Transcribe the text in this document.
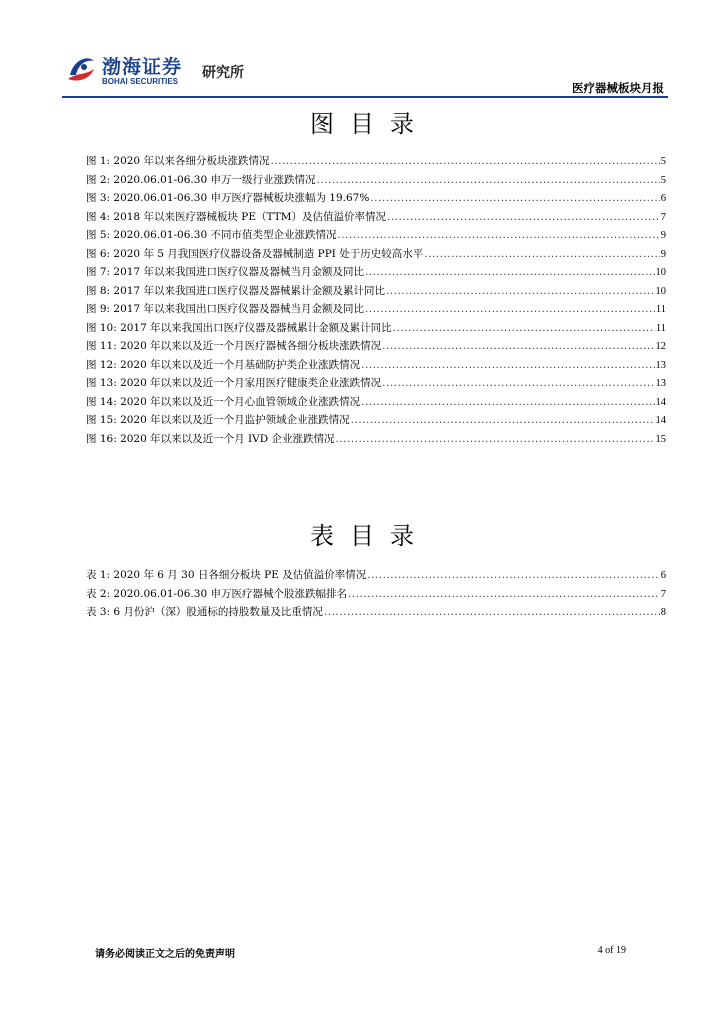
渤海证券
BOHAI SECURITIES
研究所
医疗器械板块月报
图目录
图 1: 2020 年以来各细分板块涨跌情况 .....	5
图 2: 2020.06.01-06.30 申万一级行业涨跌情况 .....	5
图 3: 2020.06.01-06.30 申万医疗器械板块涨幅为 19.67% .....	6
图 4: 2018 年以来医疗器械板块 PE（TTM）及估值溢价率情况 .....	7
图 5: 2020.06.01-06.30 不同市值类型企业涨跌情况 .....	9
图 6: 2020 年 5 月我国医疗仪器设备及器械制造 PPI 处于历史较高水平 .....	9
图 7: 2017 年以来我国进口医疗仪器及器械当月金额及同比 .....	10
图 8: 2017 年以来我国进口医疗仪器及器械累计金额及累计同比 .....	10
图 9: 2017 年以来我国出口医疗仪器及器械当月金额及同比 .....	11
图 10: 2017 年以来我国出口医疗仪器及器械累计金额及累计同比 .....	11
图 11: 2020 年以来以及近一个月医疗器械各细分板块涨跌情况 .....	12
图 12: 2020 年以来以及近一个月基础防护类企业涨跌情况 .....	13
图 13: 2020 年以来以及近一个月家用医疗健康类企业涨跌情况 .....	13
图 14: 2020 年以来以及近一个月心血管领域企业涨跌情况 .....	14
图 15: 2020 年以来以及近一个月监护领域企业涨跌情况 .....	14
图 16: 2020 年以来以及近一个月 IVD 企业涨跌情况 .....	15
表目录
表 1: 2020 年 6 月 30 日各细分板块 PE 及估值溢价率情况 .....	6
表 2: 2020.06.01-06.30 申万医疗器械个股涨跌幅排名 .....	7
表 3: 6 月份沪（深）股通标的持股数量及比重情况 .....	8
请务必阅读正文之后的免责声明	4 of 19
